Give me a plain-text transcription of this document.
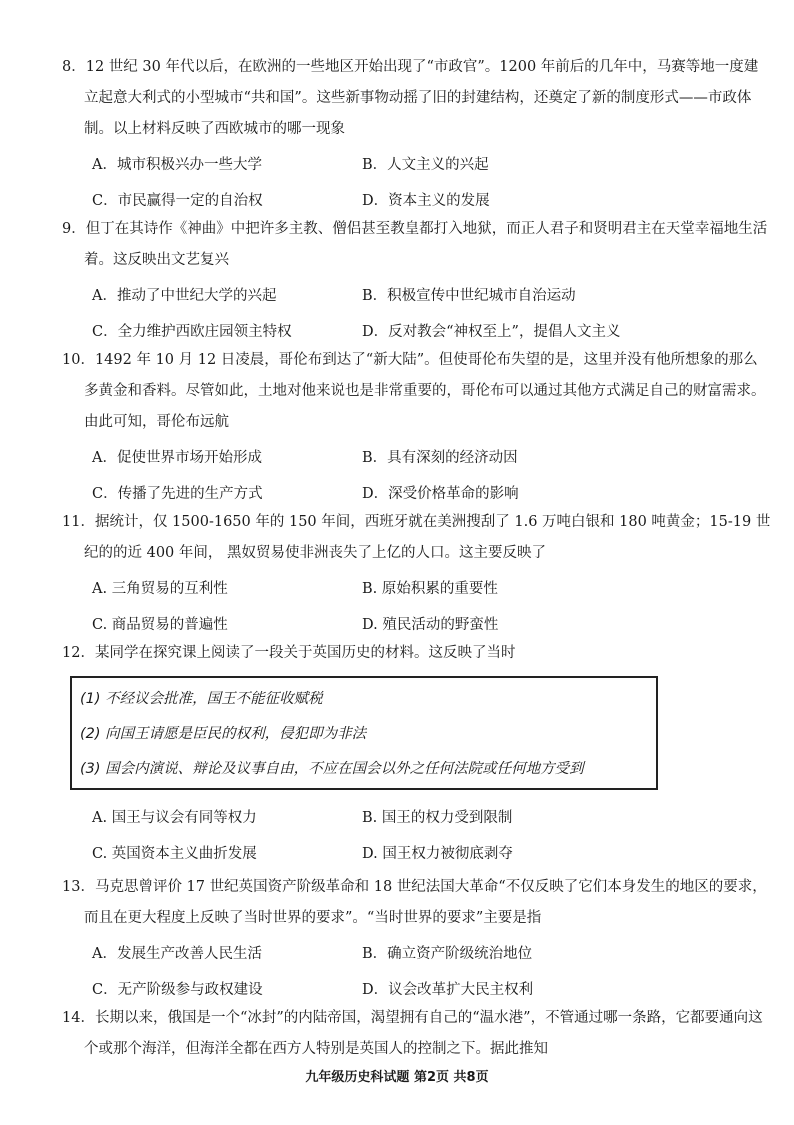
8．12 世纪 30 年代以后，在欧洲的一些地区开始出现了“市政官”。1200 年前后的几年中，马赛等地一度建立起意大利式的小型城市“共和国”。这些新事物动摇了旧的封建结构，还奠定了新的制度形式——市政体制。以上材料反映了西欧城市的哪一现象

A．城市积极兴办一些大学	B．人文主义的兴起
C．市民赢得一定的自治权	D．资本主义的发展

9．但丁在其诗作《神曲》中把许多主教、僧侣甚至教皇都打入地狱，而正人君子和贤明君主在天堂幸福地生活着。这反映出文艺复兴

A．推动了中世纪大学的兴起	B．积极宣传中世纪城市自治运动
C．全力维护西欧庄园领主特权	D．反对教会“神权至上”，提倡人文主义

10．1492 年 10 月 12 日凌晨，哥伦布到达了“新大陆”。但使哥伦布失望的是，这里并没有他所想象的那么多黄金和香料。尽管如此，土地对他来说也是非常重要的，哥伦布可以通过其他方式满足自己的财富需求。由此可知，哥伦布远航

A．促使世界市场开始形成	B．具有深刻的经济动因
C．传播了先进的生产方式	D．深受价格革命的影响

11．据统计，仅 1500-1650 年的 150 年间，西班牙就在美洲搜刮了 1.6 万吨白银和 180 吨黄金；15-19 世纪的的近 400 年间， 黑奴贸易使非洲丧失了上亿的人口。这主要反映了

A. 三角贸易的互利性	B. 原始积累的重要性
C. 商品贸易的普遍性	D. 殖民活动的野蛮性

12．某同学在探究课上阅读了一段关于英国历史的材料。这反映了当时

(1) 不经议会批准，国王不能征收赋税
(2) 向国王请愿是臣民的权利，侵犯即为非法
(3) 国会内演说、辩论及议事自由，不应在国会以外之任何法院或任何地方受到
A. 国王与议会有同等权力	B. 国王的权力受到限制
C. 英国资本主义曲折发展	D. 国王权力被彻底剥夺

13．马克思曾评价 17 世纪英国资产阶级革命和 18 世纪法国大革命“不仅反映了它们本身发生的地区的要求，而且在更大程度上反映了当时世界的要求”。“当时世界的要求”主要是指

A．发展生产改善人民生活	B．确立资产阶级统治地位
C．无产阶级参与政权建设	D．议会改革扩大民主权利

14．长期以来，俄国是一个“冰封”的内陆帝国，渴望拥有自己的“温水港”，不管通过哪一条路，它都要通向这个或那个海洋，但海洋全都在西方人特别是英国人的控制之下。据此推知

九年级历史科试题 第2页 共8页
